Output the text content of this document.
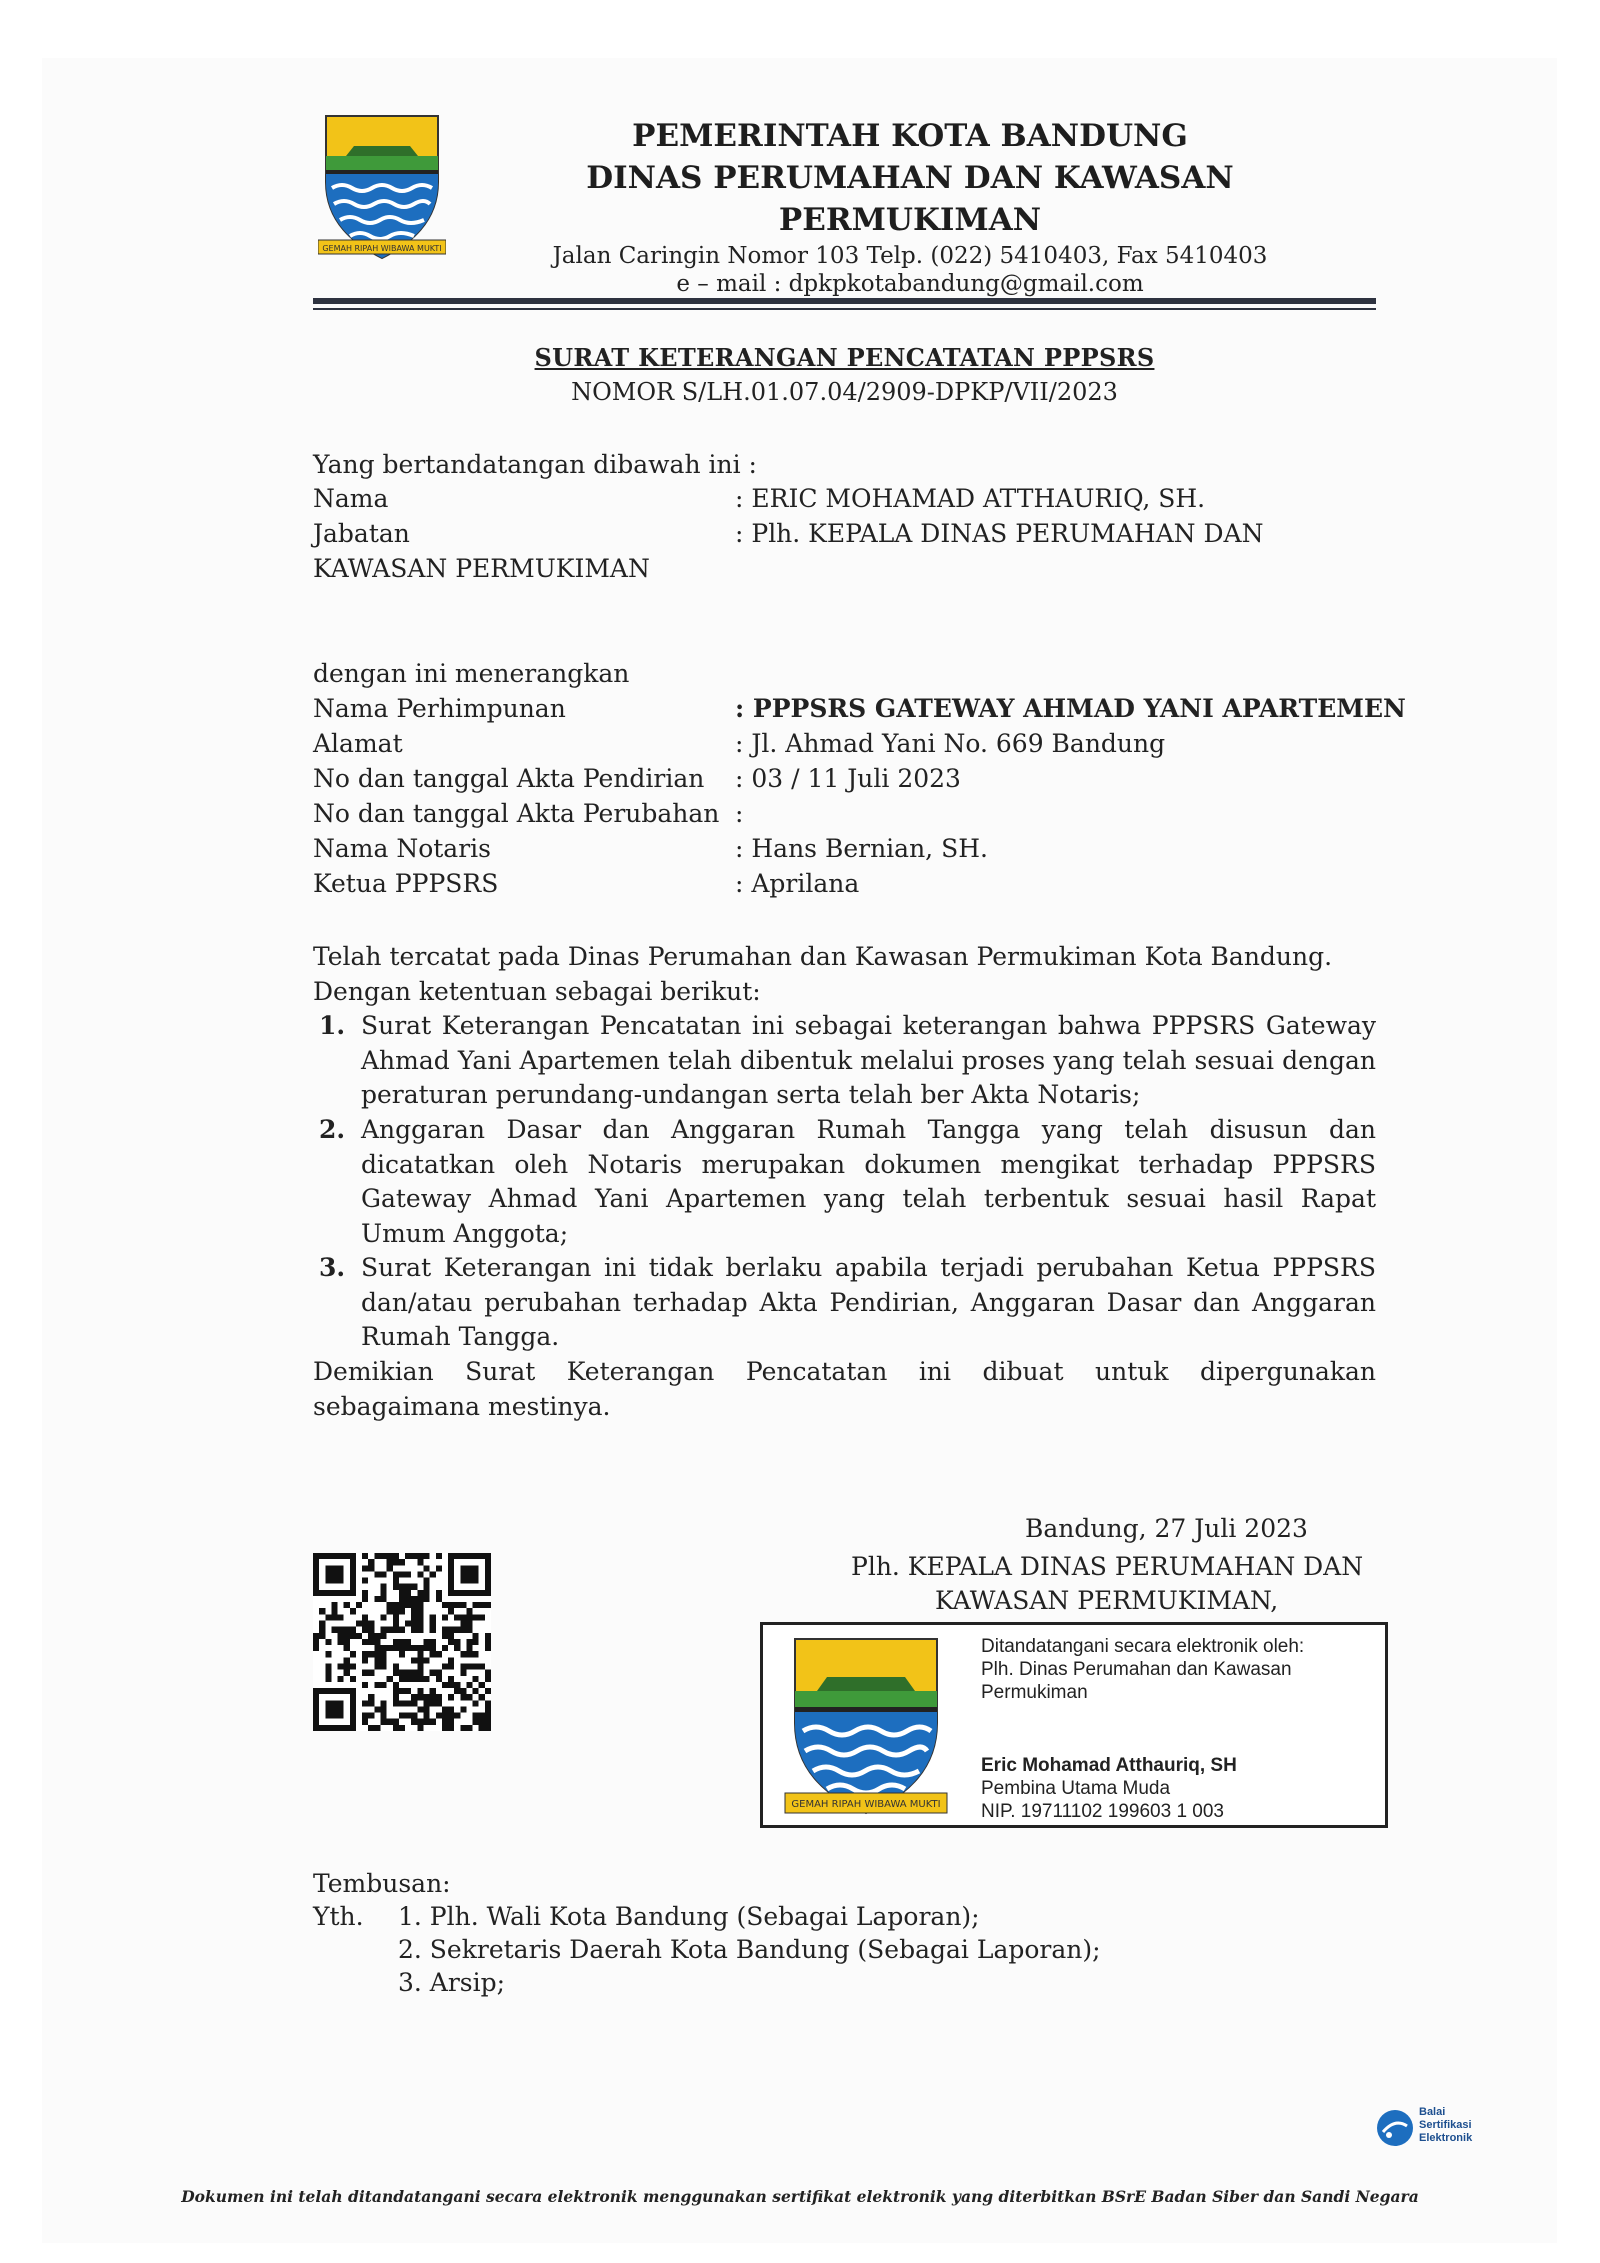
GEMAH RIPAH WIBAWA MUKTI
PEMERINTAH KOTA BANDUNG
DINAS PERUMAHAN DAN KAWASAN
PERMUKIMAN
Jalan Caringin Nomor 103 Telp. (022) 5410403, Fax 5410403
e – mail : dpkpkotabandung@gmail.com
SURAT KETERANGAN PENCATATAN PPPSRS
NOMOR S/LH.01.07.04/2909-DPKP/VII/2023
Yang bertandatangan dibawah ini :
Nama	: ERIC MOHAMAD ATTHAURIQ, SH.
Jabatan	: Plh. KEPALA DINAS PERUMAHAN DAN
KAWASAN PERMUKIMAN
dengan ini menerangkan
Nama Perhimpunan	: PPPSRS GATEWAY AHMAD YANI APARTEMEN
Alamat	: Jl. Ahmad Yani No. 669 Bandung
No dan tanggal Akta Pendirian : 03 / 11 Juli 2023
No dan tanggal Akta Perubahan :
Nama Notaris	: Hans Bernian, SH.
Ketua PPPSRS	: Aprilana
Telah tercatat pada Dinas Perumahan dan Kawasan Permukiman Kota Bandung.
Dengan ketentuan sebagai berikut:
1. Surat Keterangan Pencatatan ini sebagai keterangan bahwa PPPSRS Gateway Ahmad Yani Apartemen telah dibentuk melalui proses yang telah sesuai dengan peraturan perundang-undangan serta telah ber Akta Notaris;
2. Anggaran Dasar dan Anggaran Rumah Tangga yang telah disusun dan dicatatkan oleh Notaris merupakan dokumen mengikat terhadap PPPSRS Gateway Ahmad Yani Apartemen yang telah terbentuk sesuai hasil Rapat Umum Anggota;
3. Surat Keterangan ini tidak berlaku apabila terjadi perubahan Ketua PPPSRS dan/atau perubahan terhadap Akta Pendirian, Anggaran Dasar dan Anggaran Rumah Tangga.
Demikian Surat Keterangan Pencatatan ini dibuat untuk dipergunakan sebagaimana mestinya.
Bandung, 27 Juli 2023
Plh. KEPALA DINAS PERUMAHAN DAN
KAWASAN PERMUKIMAN,
GEMAH RIPAH WIBAWA MUKTI
Ditandatangani secara elektronik oleh:
Plh. Dinas Perumahan dan Kawasan
Permukiman
Eric Mohamad Atthauriq, SH
Pembina Utama Muda
NIP. 19711102 199603 1 003
Tembusan:
Yth. 1. Plh. Wali Kota Bandung (Sebagai Laporan);
2. Sekretaris Daerah Kota Bandung (Sebagai Laporan);
3. Arsip;
Balai
Sertifikasi
Elektronik
Dokumen ini telah ditandatangani secara elektronik menggunakan sertifikat elektronik yang diterbitkan BSrE Badan Siber dan Sandi Negara
